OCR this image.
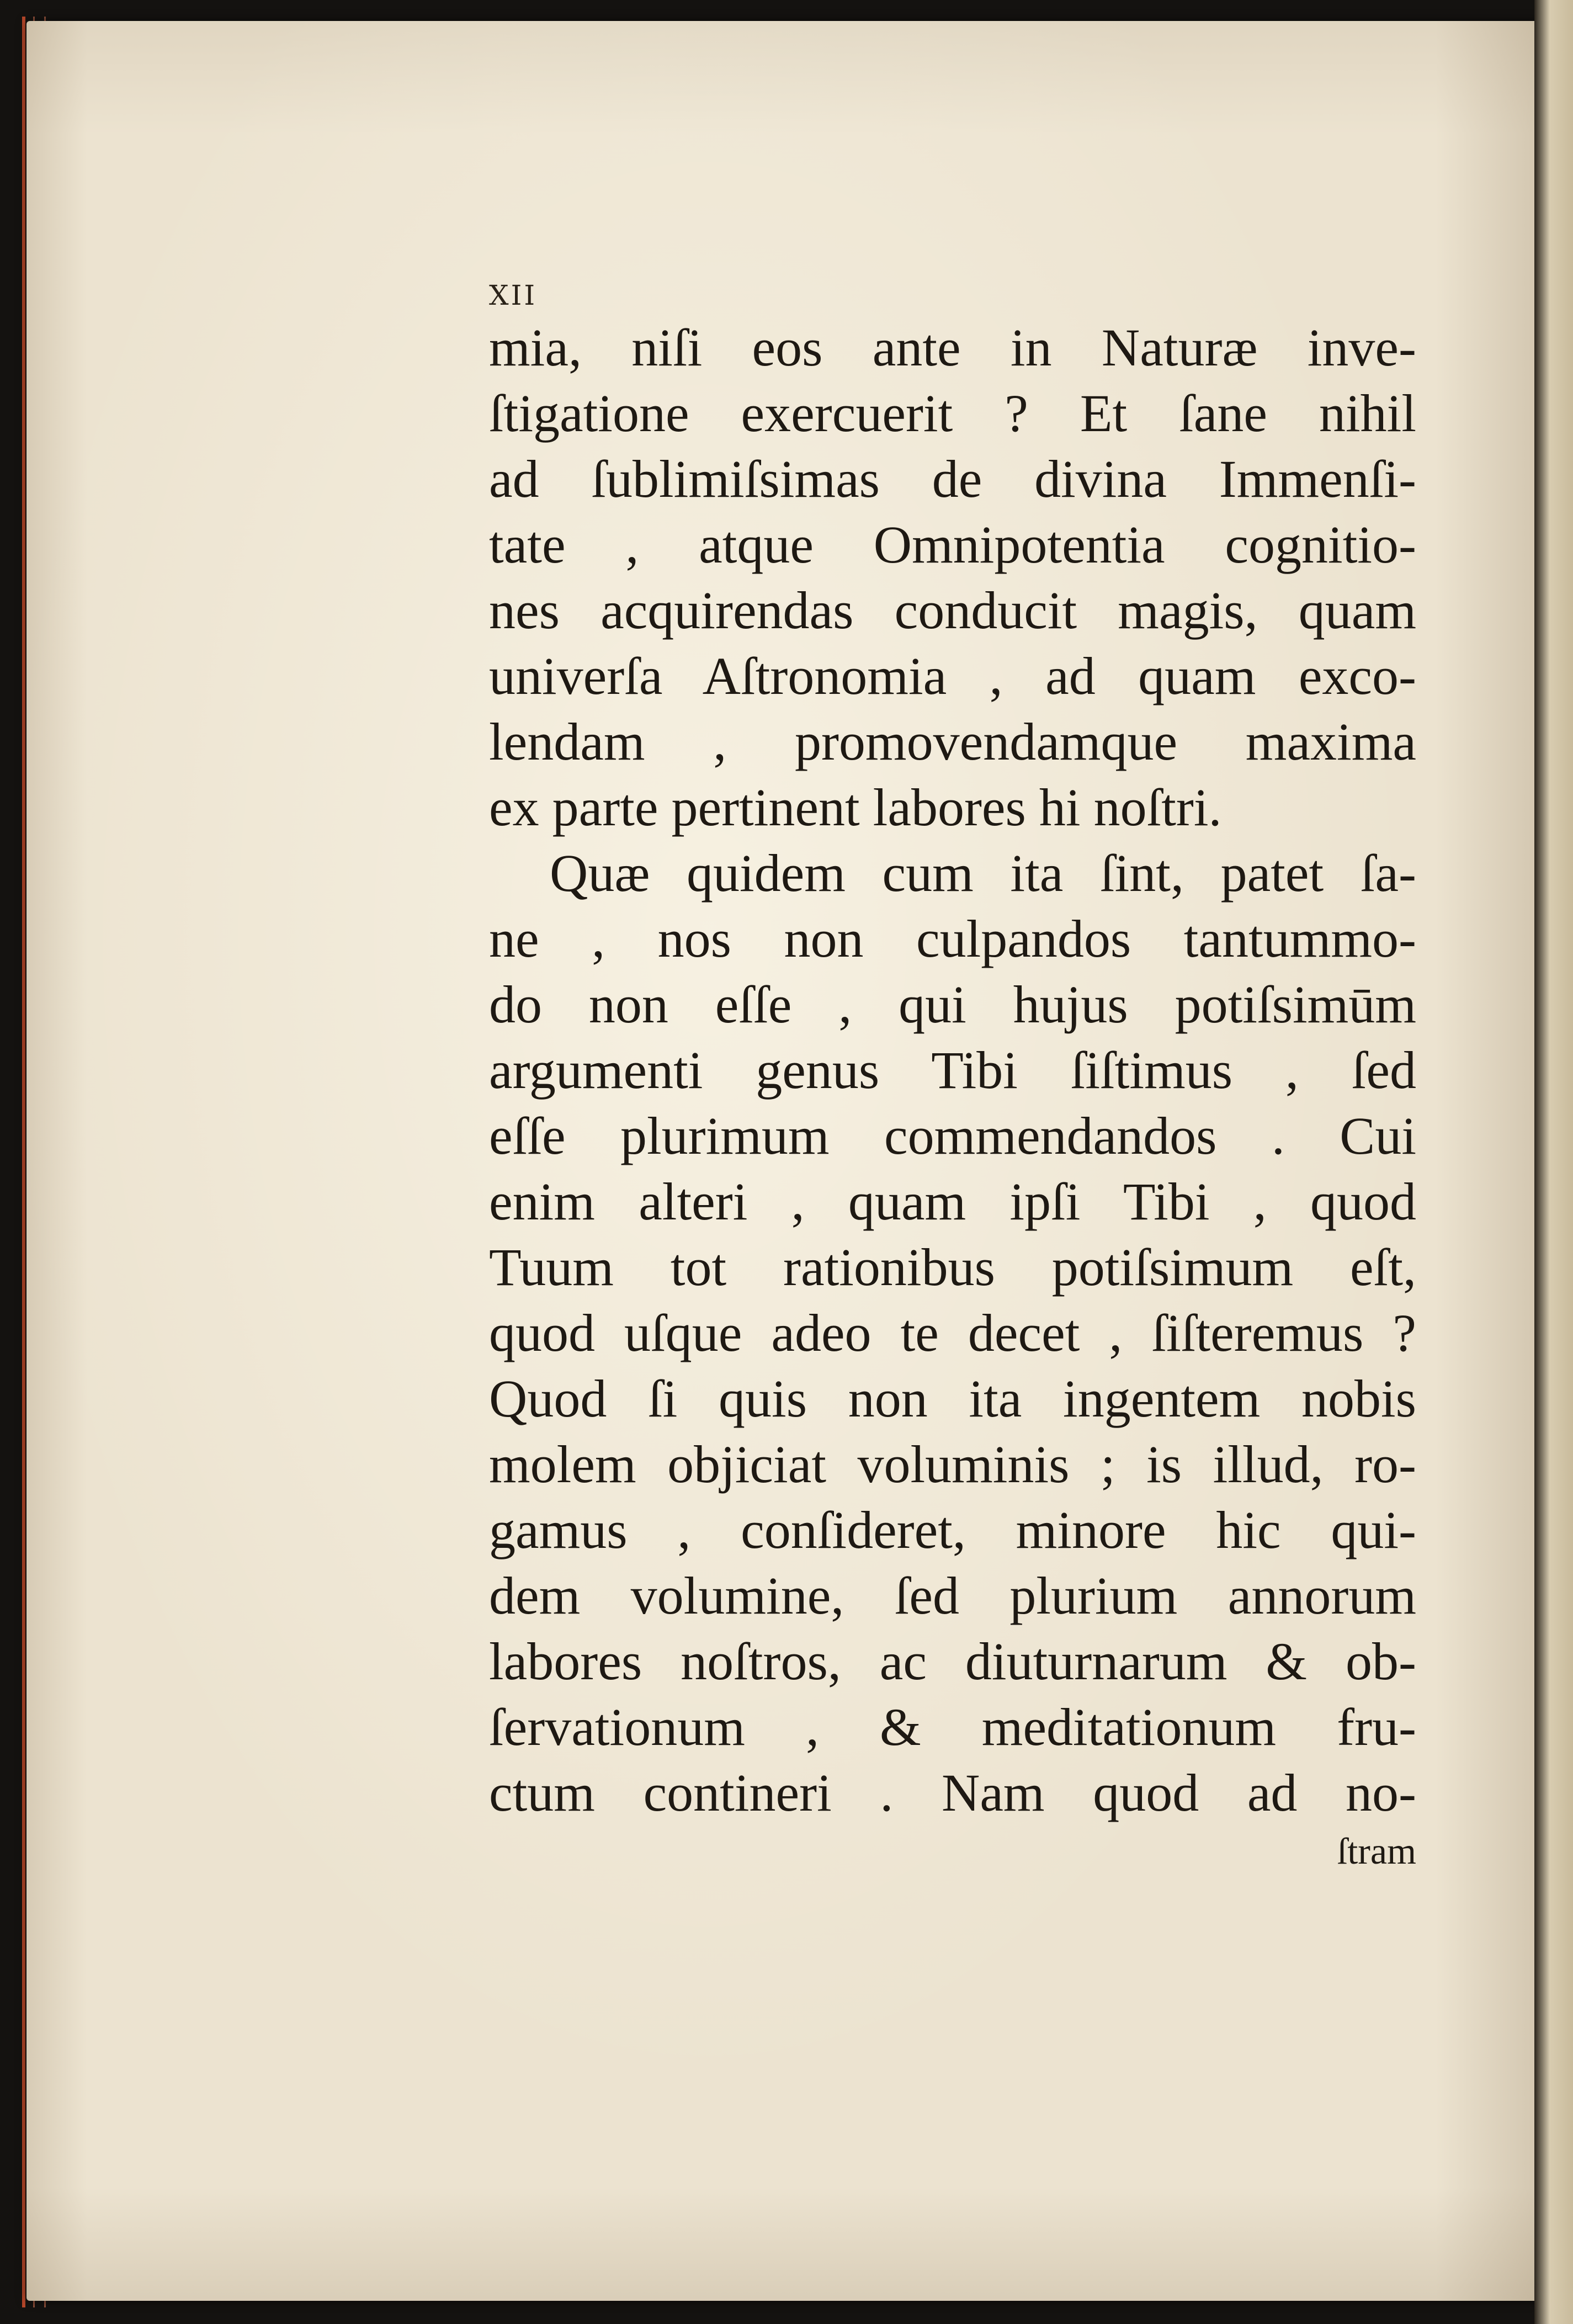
XII
mia, niſi eos ante in Naturæ inve-
ſtigatione exercuerit ? Et ſane nihil
ad ſublimiſsimas de divina Immenſi-
tate , atque Omnipotentia cognitio-
nes acquirendas conducit magis, quam
univerſa Aſtronomia , ad quam exco-
lendam , promovendamque maxima
ex parte pertinent labores hi noſtri.
Quæ quidem cum ita ſint, patet ſa-
ne , nos non culpandos tantummo-
do non eſſe , qui hujus potiſsimūm
argumenti genus Tibi ſiſtimus , ſed
eſſe plurimum commendandos . Cui
enim alteri , quam ipſi Tibi , quod
Tuum tot rationibus potiſsimum eſt,
quod uſque adeo te decet , ſiſteremus ?
Quod ſi quis non ita ingentem nobis
molem objiciat voluminis ; is illud, ro-
gamus , conſideret, minore hic qui-
dem volumine, ſed plurium annorum
labores noſtros, ac diuturnarum & ob-
ſervationum , & meditationum fru-
ctum contineri . Nam quod ad no-
ſtram
